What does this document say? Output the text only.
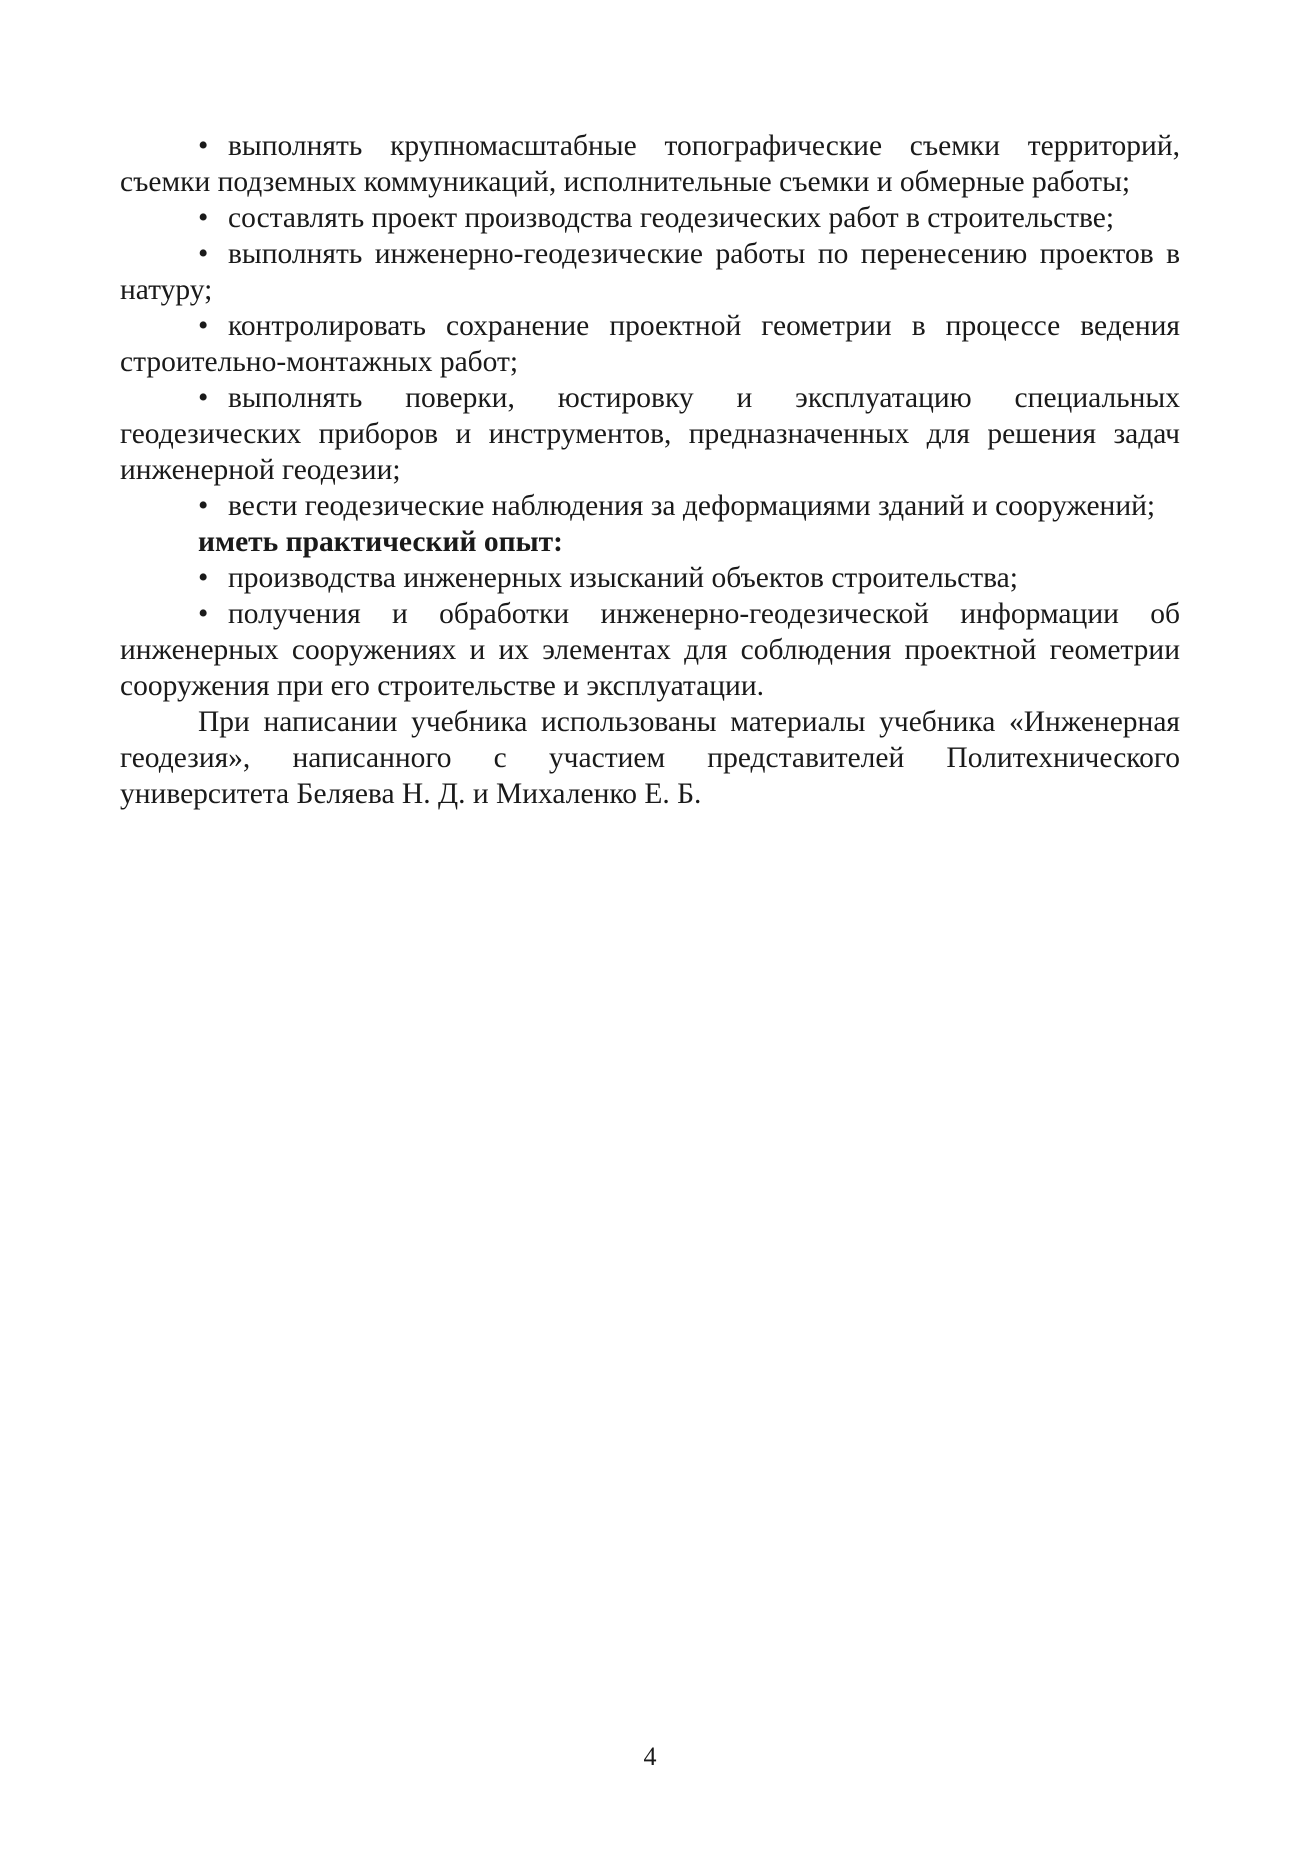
• выполнять крупномасштабные топографические съемки территорий, съемки подземных коммуникаций, исполнительные съемки и обмерные работы;

• составлять проект производства геодезических работ в строительстве;

• выполнять инженерно-геодезические работы по перенесению проектов в натуру;

• контролировать сохранение проектной геометрии в процессе ведения строительно-монтажных работ;

• выполнять поверки, юстировку и эксплуатацию специальных геодезических приборов и инструментов, предназначенных для решения задач инженерной геодезии;

• вести геодезические наблюдения за деформациями зданий и сооружений;

иметь практический опыт:

• производства инженерных изысканий объектов строительства;

• получения и обработки инженерно-геодезической информации об инженерных сооружениях и их элементах для соблюдения проектной геометрии сооружения при его строительстве и эксплуатации.

При написании учебника использованы материалы учебника «Инженерная геодезия», написанного с участием представителей Политехнического университета Беляева Н. Д. и Михаленко Е. Б.

4
